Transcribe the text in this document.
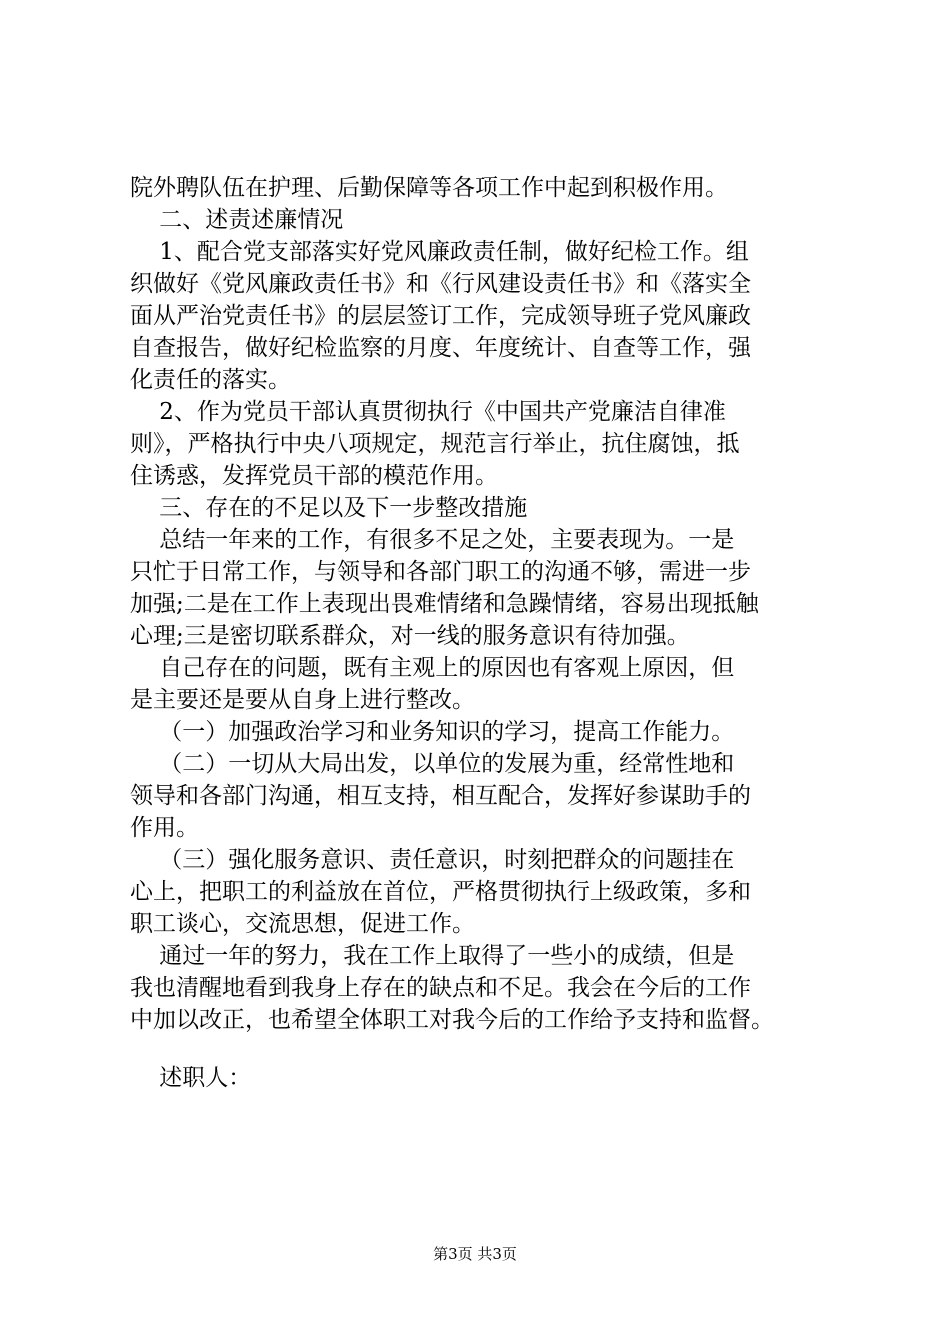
院外聘队伍在护理、后勤保障等各项工作中起到积极作用。
二、述责述廉情况
1、配合党支部落实好党风廉政责任制，做好纪检工作。组
织做好《党风廉政责任书》和《行风建设责任书》和《落实全
面从严治党责任书》的层层签订工作，完成领导班子党风廉政
自查报告，做好纪检监察的月度、年度统计、自查等工作，强
化责任的落实。
2、作为党员干部认真贯彻执行《中国共产党廉洁自律准
则》，严格执行中央八项规定，规范言行举止，抗住腐蚀，抵
住诱惑，发挥党员干部的模范作用。
三、存在的不足以及下一步整改措施
总结一年来的工作，有很多不足之处，主要表现为。一是
只忙于日常工作，与领导和各部门职工的沟通不够，需进一步
加强;二是在工作上表现出畏难情绪和急躁情绪，容易出现抵触
心理;三是密切联系群众，对一线的服务意识有待加强。
自己存在的问题，既有主观上的原因也有客观上原因，但
是主要还是要从自身上进行整改。
（一）加强政治学习和业务知识的学习，提高工作能力。
（二）一切从大局出发，以单位的发展为重，经常性地和
领导和各部门沟通，相互支持，相互配合，发挥好参谋助手的
作用。
（三）强化服务意识、责任意识，时刻把群众的问题挂在
心上，把职工的利益放在首位，严格贯彻执行上级政策，多和
职工谈心，交流思想，促进工作。
通过一年的努力，我在工作上取得了一些小的成绩，但是
我也清醒地看到我身上存在的缺点和不足。我会在今后的工作
中加以改正，也希望全体职工对我今后的工作给予支持和监督。
述职人：
第3页 共3页
